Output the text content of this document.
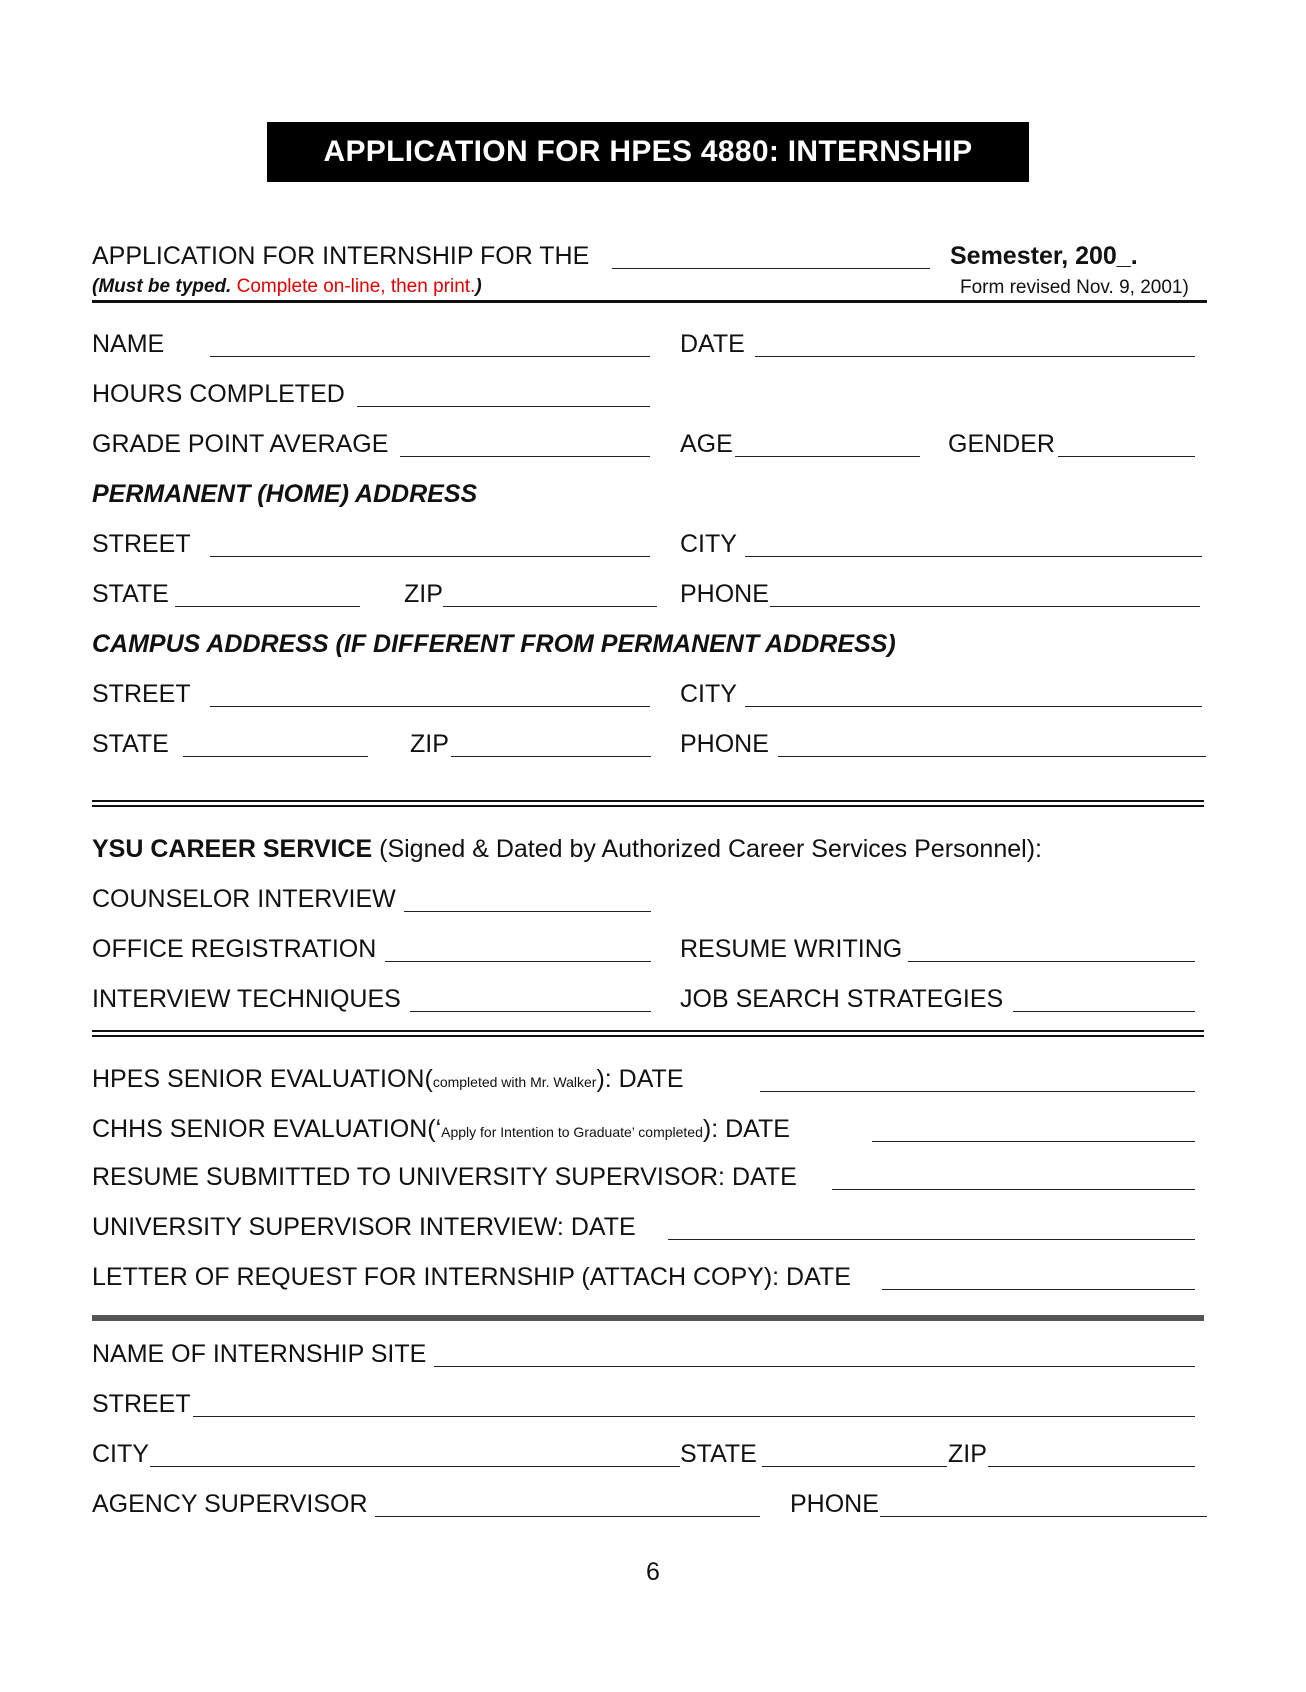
APPLICATION FOR HPES 4880: INTERNSHIP
APPLICATION FOR INTERNSHIP FOR THE	Semester, 200_.
(Must be typed. Complete on-line, then print.)	Form revised Nov. 9, 2001)
NAME	DATE
HOURS COMPLETED
GRADE POINT AVERAGE	AGE	GENDER
PERMANENT (HOME) ADDRESS
STREET	CITY
STATE	ZIP	PHONE
CAMPUS ADDRESS (IF DIFFERENT FROM PERMANENT ADDRESS)
STREET	CITY
STATE	ZIP	PHONE
YSU CAREER SERVICE (Signed & Dated by Authorized Career Services Personnel):
COUNSELOR INTERVIEW
OFFICE REGISTRATION	RESUME WRITING
INTERVIEW TECHNIQUES	JOB SEARCH STRATEGIES
HPES SENIOR EVALUATION(completed with Mr. Walker): DATE
CHHS SENIOR EVALUATION(‘Apply for Intention to Graduate’ completed): DATE
RESUME SUBMITTED TO UNIVERSITY SUPERVISOR: DATE
UNIVERSITY SUPERVISOR INTERVIEW: DATE
LETTER OF REQUEST FOR INTERNSHIP (ATTACH COPY): DATE
NAME OF INTERNSHIP SITE
STREET
CITY	STATE	ZIP
AGENCY SUPERVISOR	PHONE
6
